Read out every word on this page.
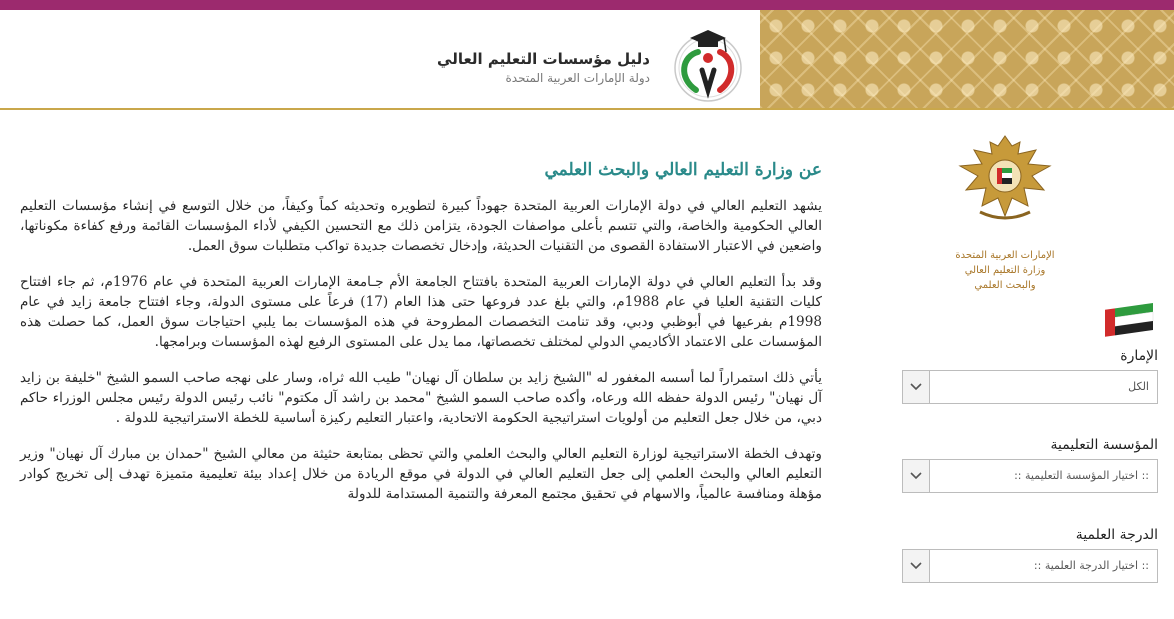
دليل مؤسسات التعليم العالي
دولة الإمارات العربية المتحدة
عن وزارة التعليم العالي والبحث العلمي

يشهد التعليم العالي في دولة الإمارات العربية المتحدة جهوداً كبيرة لتطويره وتحديثه كماً وكيفاً، من خلال التوسع في إنشاء مؤسسات التعليم العالي الحكومية والخاصة، والتي تتسم بأعلى مواصفات الجودة، يتزامن ذلك مع التحسين الكيفي لأداء المؤسسات القائمة ورفع كفاءة مكوناتها، واضعين في الاعتبار الاستفادة القصوى من التقنيات الحديثة، وإدخال تخصصات جديدة تواكب متطلبات سوق العمل.

وقد بدأ التعليم العالي في دولة الإمارات العربية المتحدة بافتتاح الجامعة الأم جـامعة الإمارات العربية المتحدة في عام 1976م، ثم جاء افتتاح كليات التقنية العليا في عام 1988م، والتي بلغ عدد فروعها حتى هذا العام (17) فرعاً على مستوى الدولة، وجاء افتتاح جامعة زايد في عام 1998م بفرعيها في أبوظبي ودبي، وقد تنامت التخصصات المطروحة في هذه المؤسسات بما يلبي احتياجات سوق العمل، كما حصلت هذه المؤسسات على الاعتماد الأكاديمي الدولي لمختلف تخصصاتها، مما يدل على المستوى الرفيع لهذه المؤسسات وبرامجها.

يأتي ذلك استمراراً لما أسسه المغفور له "الشيخ زايد بن سلطان آل نهيان" طيب الله ثراه، وسار على نهجه صاحب السمو الشيخ "خليفة بن زايد آل نهيان" رئيس الدولة حفظه الله ورعاه، وأكده صاحب السمو الشيخ "محمد بن راشد آل مكتوم" نائب رئيس الدولة رئيس مجلس الوزراء حاكم دبي، من خلال جعل التعليم من أولويات استراتيجية الحكومة الاتحادية، واعتبار التعليم ركيزة أساسية للخطة الاستراتيجية للدولة .

وتهدف الخطة الاستراتيجية لوزارة التعليم العالي والبحث العلمي والتي تحظى بمتابعة حثيثة من معالي الشيخ "حمدان بن مبارك آل نهيان" وزير التعليم العالي والبحث العلمي إلى جعل التعليم العالي في الدولة في موقع الريادة من خلال إعداد بيئة تعليمية متميزة تهدف إلى تخريج كوادر مؤهلة ومنافسة عالمياً، والاسهام في تحقيق مجتمع المعرفة والتنمية المستدامة للدولة

الإمارات العربية المتحدة
وزارة التعليم العالي
والبحث العلمي
الإمارة
الكل
المؤسسة التعليمية
:: اختيار المؤسسة التعليمية ::
الدرجة العلمية
:: اختيار الدرجة العلمية ::
